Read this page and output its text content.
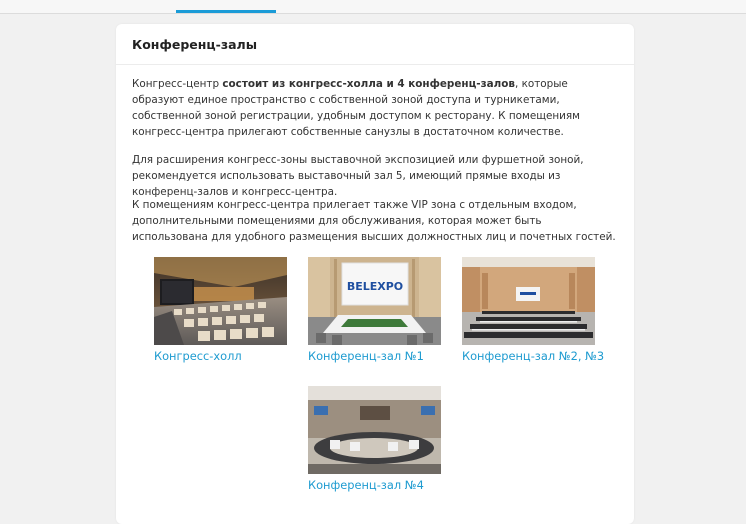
Конференц-залы

Конгресс-центр состоит из конгресс-холла и 4 конференц-залов, которые образуют единое пространство с собственной зоной доступа и турникетами, собственной зоной регистрации, удобным доступом к ресторану. К помещениям конгресс-центра прилегают собственные санузлы в достаточном количестве.

Для расширения конгресс-зоны выставочной экспозицией или фуршетной зоной, рекомендуется использовать выставочный зал 5, имеющий прямые входы из конференц-залов и конгресс-центра.

К помещениям конгресс-центра прилегает также VIP зона с отдельным входом, дополнительными помещениями для обслуживания, которая может быть использована для удобного размещения высших должностных лиц и почетных гостей.

Конгресс-холл
BELEXPO
Конференц-зал №1	Конференц-зал №2, №3
Конференц-зал №4
